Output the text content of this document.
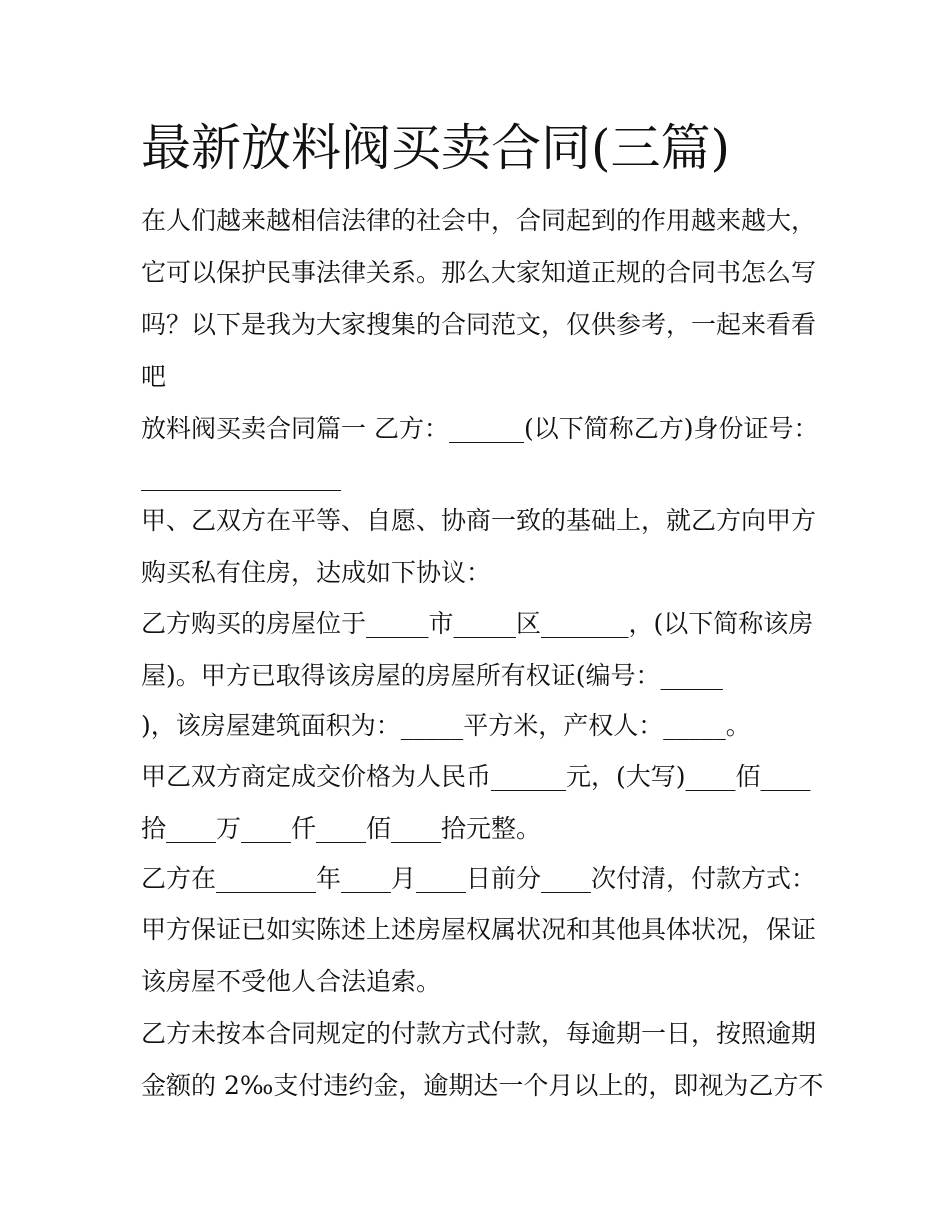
最新放料阀买卖合同(三篇)

在人们越来越相信法律的社会中，合同起到的作用越来越大，

它可以保护民事法律关系。那么大家知道正规的合同书怎么写

吗？以下是我为大家搜集的合同范文，仅供参考，一起来看看

吧

放料阀买卖合同篇一 乙方：______(以下简称乙方)身份证号：

________________

甲、乙双方在平等、自愿、协商一致的基础上，就乙方向甲方

购买私有住房，达成如下协议：

乙方购买的房屋位于_____市_____区_______，(以下简称该房

屋)。甲方已取得该房屋的房屋所有权证(编号：_____

)，该房屋建筑面积为：_____平方米，产权人：_____。

甲乙双方商定成交价格为人民币______元，(大写)____佰____

拾____万____仟____佰____拾元整。

乙方在________年____月____日前分____次付清，付款方式：

甲方保证已如实陈述上述房屋权属状况和其他具体状况，保证

该房屋不受他人合法追索。

乙方未按本合同规定的付款方式付款，每逾期一日，按照逾期

金额的 2‰支付违约金，逾期达一个月以上的，即视为乙方不
